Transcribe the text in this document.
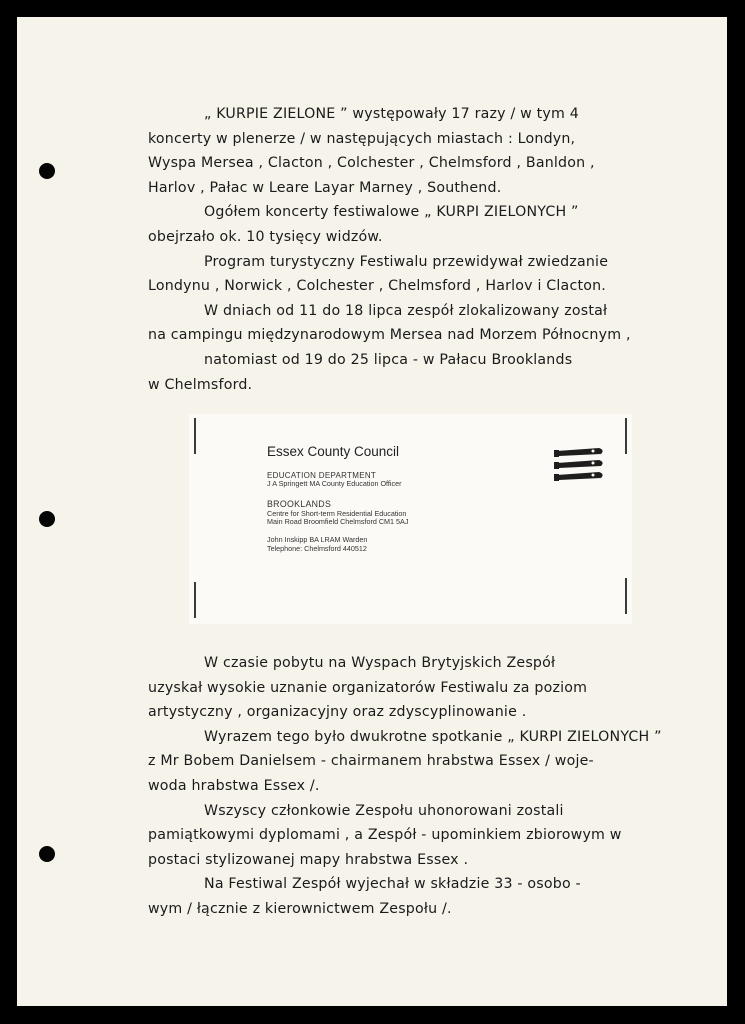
„ KURPIE ZIELONE ” występowały 17 razy / w tym 4
koncerty w plenerze / w następujących miastach : Londyn,
Wyspa Mersea , Clacton , Colchester , Chelmsford , Banldon ,
Harlov , Pałac w Leare Layar Marney , Southend.
Ogółem koncerty festiwalowe „ KURPI ZIELONYCH ”
obejrzało ok. 10 tysięcy widzów.
Program turystyczny Festiwalu przewidywał zwiedzanie
Londynu , Norwick , Colchester , Chelmsford , Harlov i Clacton.
W dniach od 11 do 18 lipca zespół zlokalizowany został
na campingu międzynarodowym Mersea nad Morzem Północnym ,
natomiast od 19 do 25 lipca - w Pałacu Brooklands
w Chelmsford.
Essex County Council
EDUCATION DEPARTMENT
J A Springett MA County Education Officer
BROOKLANDS
Centre for Short-term Residential Education
Main Road Broomfield Chelmsford CM1 5AJ
John Inskipp BA LRAM Warden
Telephone: Chelmsford 440512
W czasie pobytu na Wyspach Brytyjskich Zespół
uzyskał wysokie uznanie organizatorów Festiwalu za poziom
artystyczny , organizacyjny oraz zdyscyplinowanie .
Wyrazem tego było dwukrotne spotkanie „ KURPI ZIELONYCH ”
z Mr Bobem Danielsem - chairmanem hrabstwa Essex / woje-
woda hrabstwa Essex /.
Wszyscy członkowie Zespołu uhonorowani zostali
pamiątkowymi dyplomami , a Zespół - upominkiem zbiorowym w
postaci stylizowanej mapy hrabstwa Essex .
Na Festiwal Zespół wyjechał w składzie 33 - osobo -
wym / łącznie z kierownictwem Zespołu /.
